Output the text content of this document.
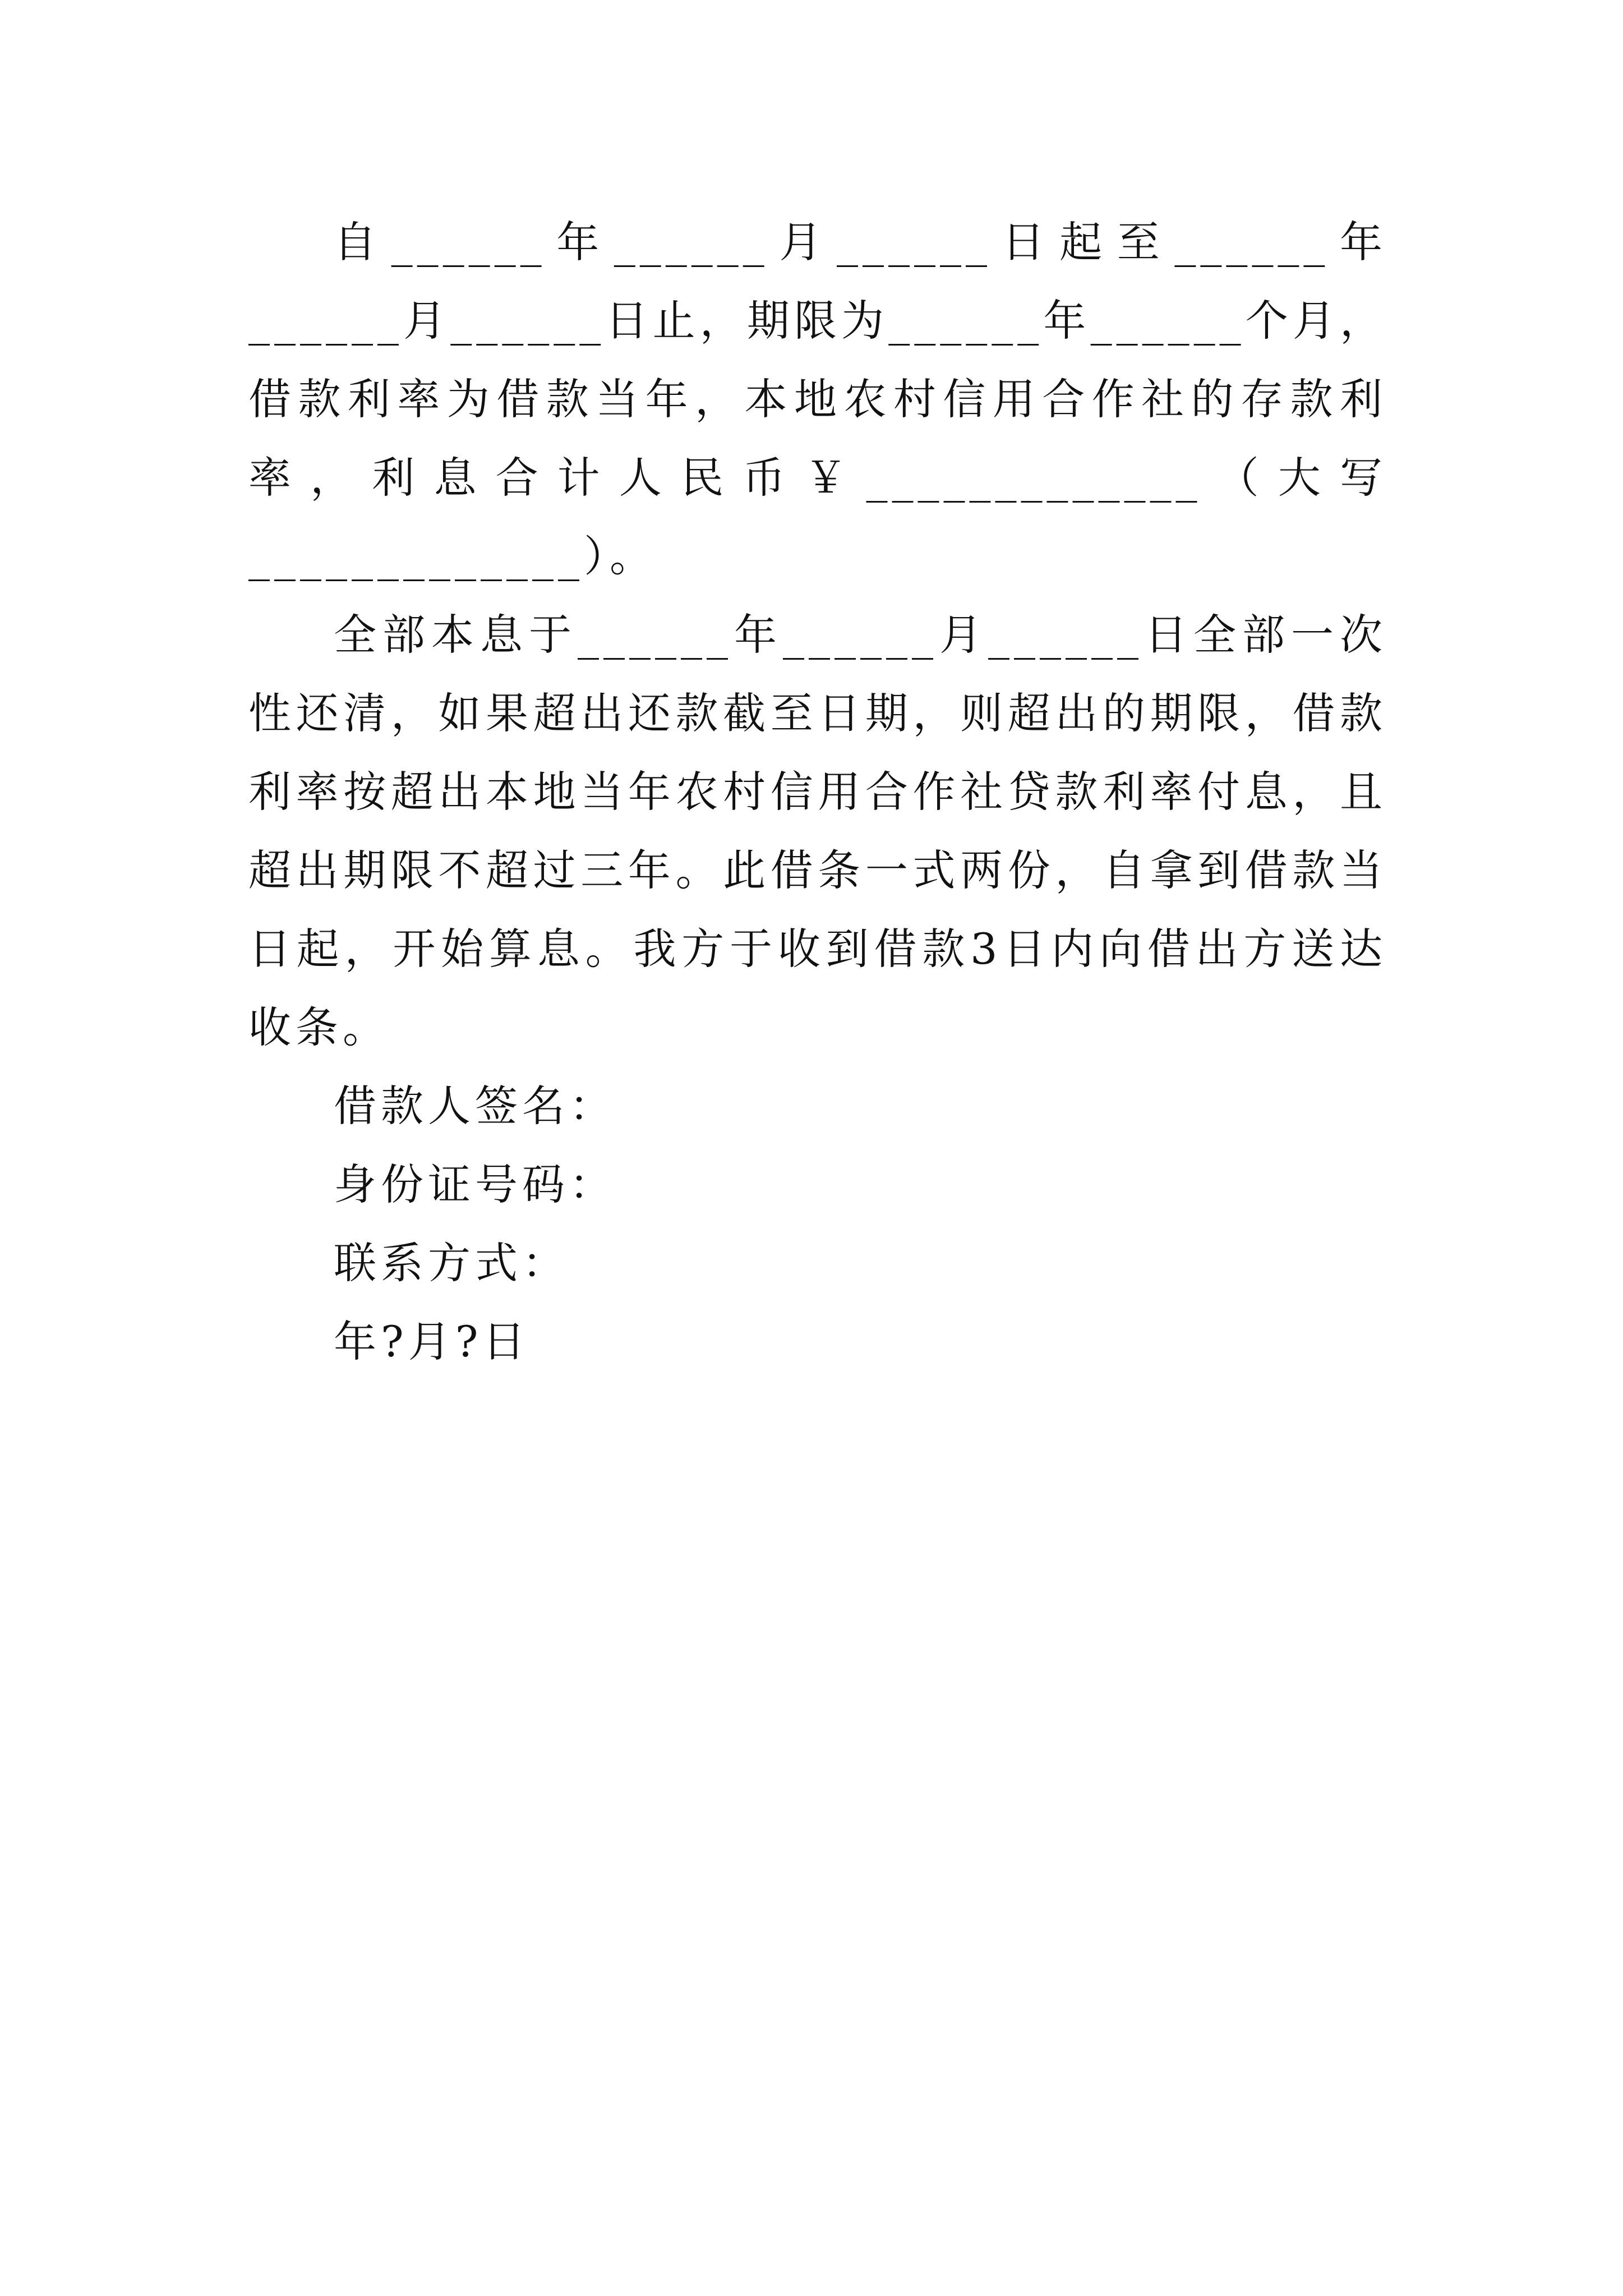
自______年______月______日起至______年______月______日止，期限为______年______个月，借款利率为借款当年，本地农村信用合作社的存款利率，利息合计人民币￥_____________（大写_____________）。

全部本息于______年______月______日全部一次性还清，如果超出还款截至日期，则超出的期限，借款利率按超出本地当年农村信用合作社贷款利率付息，且超出期限不超过三年。此借条一式两份，自拿到借款当日起，开始算息。我方于收到借款3日内向借出方送达收条。

借款人签名：

身份证号码：

联系方式：

年?月?日
